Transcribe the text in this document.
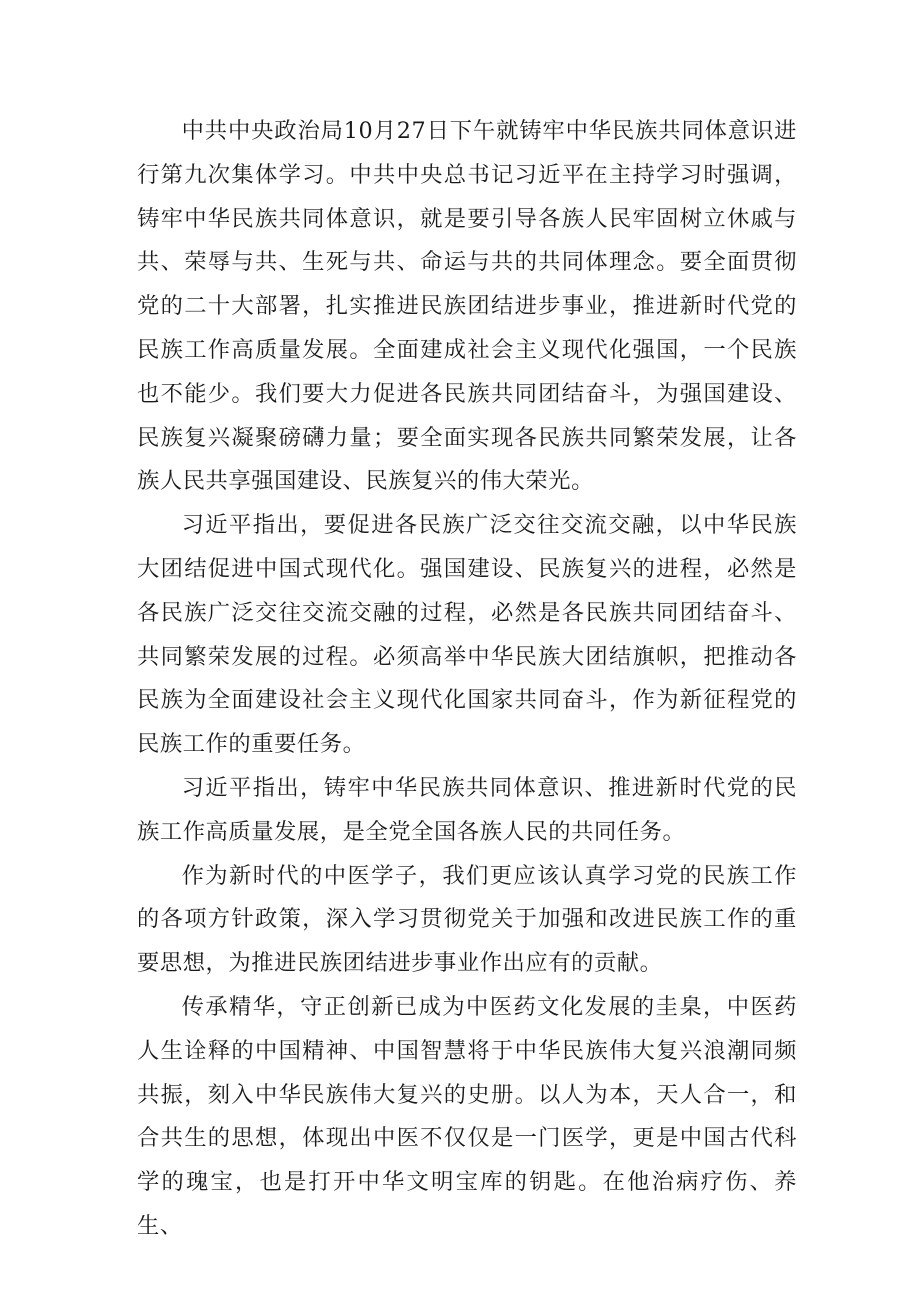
中共中央政治局10月27日下午就铸牢中华民族共同体意识进行第九次集体学习。中共中央总书记习近平在主持学习时强调，铸牢中华民族共同体意识，就是要引导各族人民牢固树立休戚与共、荣辱与共、生死与共、命运与共的共同体理念。要全面贯彻党的二十大部署，扎实推进民族团结进步事业，推进新时代党的民族工作高质量发展。全面建成社会主义现代化强国，一个民族也不能少。我们要大力促进各民族共同团结奋斗，为强国建设、民族复兴凝聚磅礴力量；要全面实现各民族共同繁荣发展，让各族人民共享强国建设、民族复兴的伟大荣光。

习近平指出，要促进各民族广泛交往交流交融，以中华民族大团结促进中国式现代化。强国建设、民族复兴的进程，必然是各民族广泛交往交流交融的过程，必然是各民族共同团结奋斗、共同繁荣发展的过程。必须高举中华民族大团结旗帜，把推动各民族为全面建设社会主义现代化国家共同奋斗，作为新征程党的民族工作的重要任务。

习近平指出，铸牢中华民族共同体意识、推进新时代党的民族工作高质量发展，是全党全国各族人民的共同任务。

作为新时代的中医学子，我们更应该认真学习党的民族工作的各项方针政策，深入学习贯彻党关于加强和改进民族工作的重要思想，为推进民族团结进步事业作出应有的贡献。

传承精华，守正创新已成为中医药文化发展的圭臬，中医药人生诠释的中国精神、中国智慧将于中华民族伟大复兴浪潮同频共振，刻入中华民族伟大复兴的史册。以人为本，天人合一，和合共生的思想，体现出中医不仅仅是一门医学，更是中国古代科学的瑰宝，也是打开中华文明宝库的钥匙。在他治病疗伤、养生、
